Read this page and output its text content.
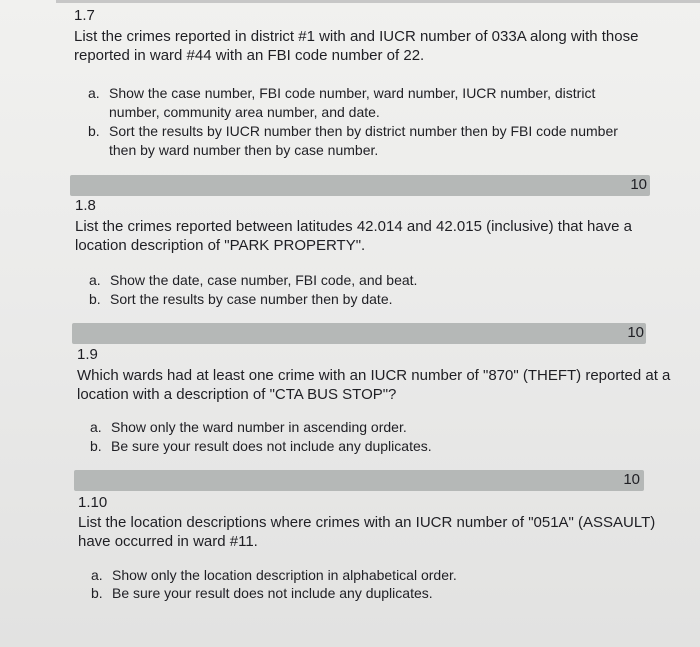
1.7
List the crimes reported in district #1 with and IUCR number of 033A along with those
reported in ward #44 with an FBI code number of 22.
a. Show the case number, FBI code number, ward number, IUCR number, district
number, community area number, and date.
b. Sort the results by IUCR number then by district number then by FBI code number
then by ward number then by case number.
10
1.8
List the crimes reported between latitudes 42.014 and 42.015 (inclusive) that have a
location description of "PARK PROPERTY".
a. Show the date, case number, FBI code, and beat.
b. Sort the results by case number then by date.
10
1.9
Which wards had at least one crime with an IUCR number of "870" (THEFT) reported at a
location with a description of "CTA BUS STOP"?
a. Show only the ward number in ascending order.
b. Be sure your result does not include any duplicates.
10
1.10
List the location descriptions where crimes with an IUCR number of "051A" (ASSAULT)
have occurred in ward #11.
a. Show only the location description in alphabetical order.
b. Be sure your result does not include any duplicates.
